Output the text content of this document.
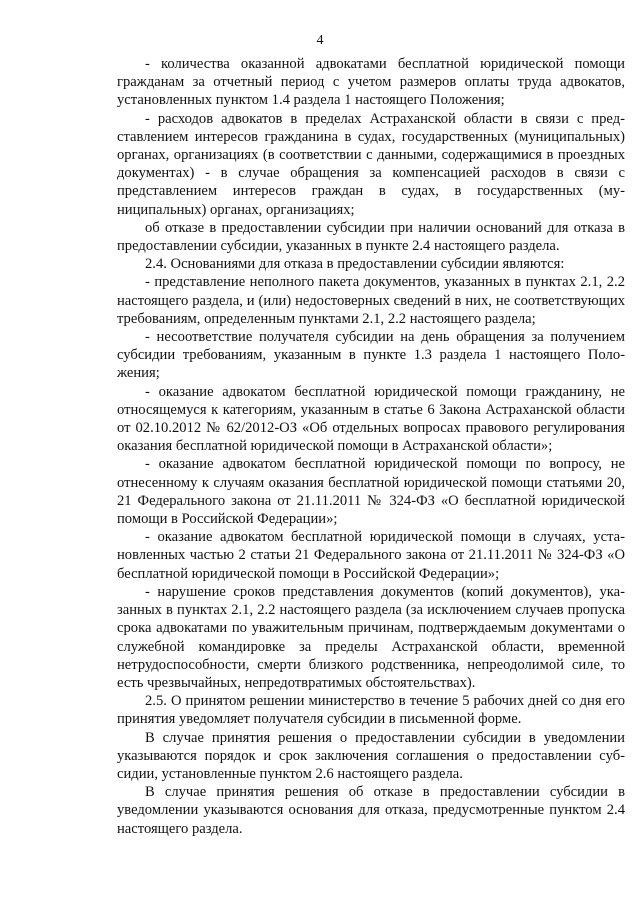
4

- количества оказанной адвокатами бесплатной юридической помощи гражданам за отчетный период с учетом размеров оплаты труда адвокатов, установленных пунктом 1.4 раздела 1 настоящего Положения;

- расходов адвокатов в пределах Астраханской области в связи с представлением интересов гражданина в судах, государственных (муниципальных) органах, организациях (в соответствии с данными, содержащимися в проездных документах) - в случае обращения за компенсацией расходов в связи с представлением интересов граждан в судах, в государственных (муниципальных) органах, организациях;

об отказе в предоставлении субсидии при наличии оснований для отказа в предоставлении субсидии, указанных в пункте 2.4 настоящего раздела.

2.4. Основаниями для отказа в предоставлении субсидии являются:

- представление неполного пакета документов, указанных в пунктах 2.1, 2.2 настоящего раздела, и (или) недостоверных сведений в них, не соответствующих требованиям, определенным пунктами 2.1, 2.2 настоящего раздела;

- несоответствие получателя субсидии на день обращения за получением субсидии требованиям, указанным в пункте 1.3 раздела 1 настоящего Положения;

- оказание адвокатом бесплатной юридической помощи гражданину, не относящемуся к категориям, указанным в статье 6 Закона Астраханской области от 02.10.2012 № 62/2012-ОЗ «Об отдельных вопросах правового регулирования оказания бесплатной юридической помощи в Астраханской области»;

- оказание адвокатом бесплатной юридической помощи по вопросу, не отнесенному к случаям оказания бесплатной юридической помощи статьями 20, 21 Федерального закона от 21.11.2011 № 324-ФЗ «О бесплатной юридической помощи в Российской Федерации»;

- оказание адвокатом бесплатной юридической помощи в случаях, установленных частью 2 статьи 21 Федерального закона от 21.11.2011 № 324-ФЗ «О бесплатной юридической помощи в Российской Федерации»;

- нарушение сроков представления документов (копий документов), указанных в пунктах 2.1, 2.2 настоящего раздела (за исключением случаев пропуска срока адвокатами по уважительным причинам, подтверждаемым документами о служебной командировке за пределы Астраханской области, временной нетрудоспособности, смерти близкого родственника, непреодолимой силе, то есть чрезвычайных, непредотвратимых обстоятельствах).

2.5. О принятом решении министерство в течение 5 рабочих дней со дня его принятия уведомляет получателя субсидии в письменной форме.

В случае принятия решения о предоставлении субсидии в уведомлении указываются порядок и срок заключения соглашения о предоставлении субсидии, установленные пунктом 2.6 настоящего раздела.

В случае принятия решения об отказе в предоставлении субсидии в уведомлении указываются основания для отказа, предусмотренные пунктом 2.4 настоящего раздела.
